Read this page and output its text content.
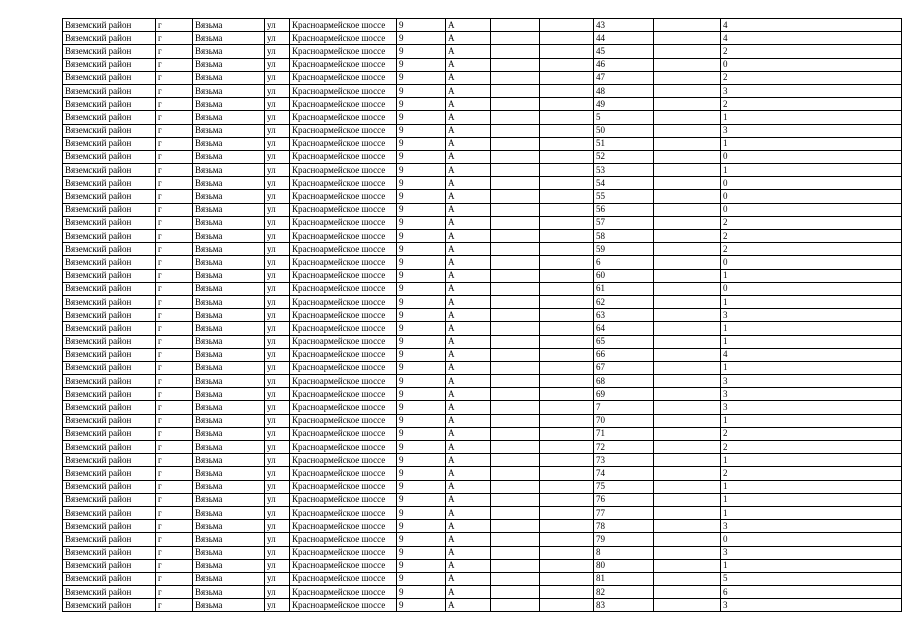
Вяземский район	г	Вязьма	ул	Красноармейское шоссе	9	А			43		4
Вяземский район	г	Вязьма	ул	Красноармейское шоссе	9	А			44		4
Вяземский район	г	Вязьма	ул	Красноармейское шоссе	9	А			45		2
Вяземский район	г	Вязьма	ул	Красноармейское шоссе	9	А			46		0
Вяземский район	г	Вязьма	ул	Красноармейское шоссе	9	А			47		2
Вяземский район	г	Вязьма	ул	Красноармейское шоссе	9	А			48		3
Вяземский район	г	Вязьма	ул	Красноармейское шоссе	9	А			49		2
Вяземский район	г	Вязьма	ул	Красноармейское шоссе	9	А			5		1
Вяземский район	г	Вязьма	ул	Красноармейское шоссе	9	А			50		3
Вяземский район	г	Вязьма	ул	Красноармейское шоссе	9	А			51		1
Вяземский район	г	Вязьма	ул	Красноармейское шоссе	9	А			52		0
Вяземский район	г	Вязьма	ул	Красноармейское шоссе	9	А			53		1
Вяземский район	г	Вязьма	ул	Красноармейское шоссе	9	А			54		0
Вяземский район	г	Вязьма	ул	Красноармейское шоссе	9	А			55		0
Вяземский район	г	Вязьма	ул	Красноармейское шоссе	9	А			56		0
Вяземский район	г	Вязьма	ул	Красноармейское шоссе	9	А			57		2
Вяземский район	г	Вязьма	ул	Красноармейское шоссе	9	А			58		2
Вяземский район	г	Вязьма	ул	Красноармейское шоссе	9	А			59		2
Вяземский район	г	Вязьма	ул	Красноармейское шоссе	9	А			6		0
Вяземский район	г	Вязьма	ул	Красноармейское шоссе	9	А			60		1
Вяземский район	г	Вязьма	ул	Красноармейское шоссе	9	А			61		0
Вяземский район	г	Вязьма	ул	Красноармейское шоссе	9	А			62		1
Вяземский район	г	Вязьма	ул	Красноармейское шоссе	9	А			63		3
Вяземский район	г	Вязьма	ул	Красноармейское шоссе	9	А			64		1
Вяземский район	г	Вязьма	ул	Красноармейское шоссе	9	А			65		1
Вяземский район	г	Вязьма	ул	Красноармейское шоссе	9	А			66		4
Вяземский район	г	Вязьма	ул	Красноармейское шоссе	9	А			67		1
Вяземский район	г	Вязьма	ул	Красноармейское шоссе	9	А			68		3
Вяземский район	г	Вязьма	ул	Красноармейское шоссе	9	А			69		3
Вяземский район	г	Вязьма	ул	Красноармейское шоссе	9	А			7		3
Вяземский район	г	Вязьма	ул	Красноармейское шоссе	9	А			70		1
Вяземский район	г	Вязьма	ул	Красноармейское шоссе	9	А			71		2
Вяземский район	г	Вязьма	ул	Красноармейское шоссе	9	А			72		2
Вяземский район	г	Вязьма	ул	Красноармейское шоссе	9	А			73		1
Вяземский район	г	Вязьма	ул	Красноармейское шоссе	9	А			74		2
Вяземский район	г	Вязьма	ул	Красноармейское шоссе	9	А			75		1
Вяземский район	г	Вязьма	ул	Красноармейское шоссе	9	А			76		1
Вяземский район	г	Вязьма	ул	Красноармейское шоссе	9	А			77		1
Вяземский район	г	Вязьма	ул	Красноармейское шоссе	9	А			78		3
Вяземский район	г	Вязьма	ул	Красноармейское шоссе	9	А			79		0
Вяземский район	г	Вязьма	ул	Красноармейское шоссе	9	А			8		3
Вяземский район	г	Вязьма	ул	Красноармейское шоссе	9	А			80		1
Вяземский район	г	Вязьма	ул	Красноармейское шоссе	9	А			81		5
Вяземский район	г	Вязьма	ул	Красноармейское шоссе	9	А			82		6
Вяземский район	г	Вязьма	ул	Красноармейское шоссе	9	А			83		3
